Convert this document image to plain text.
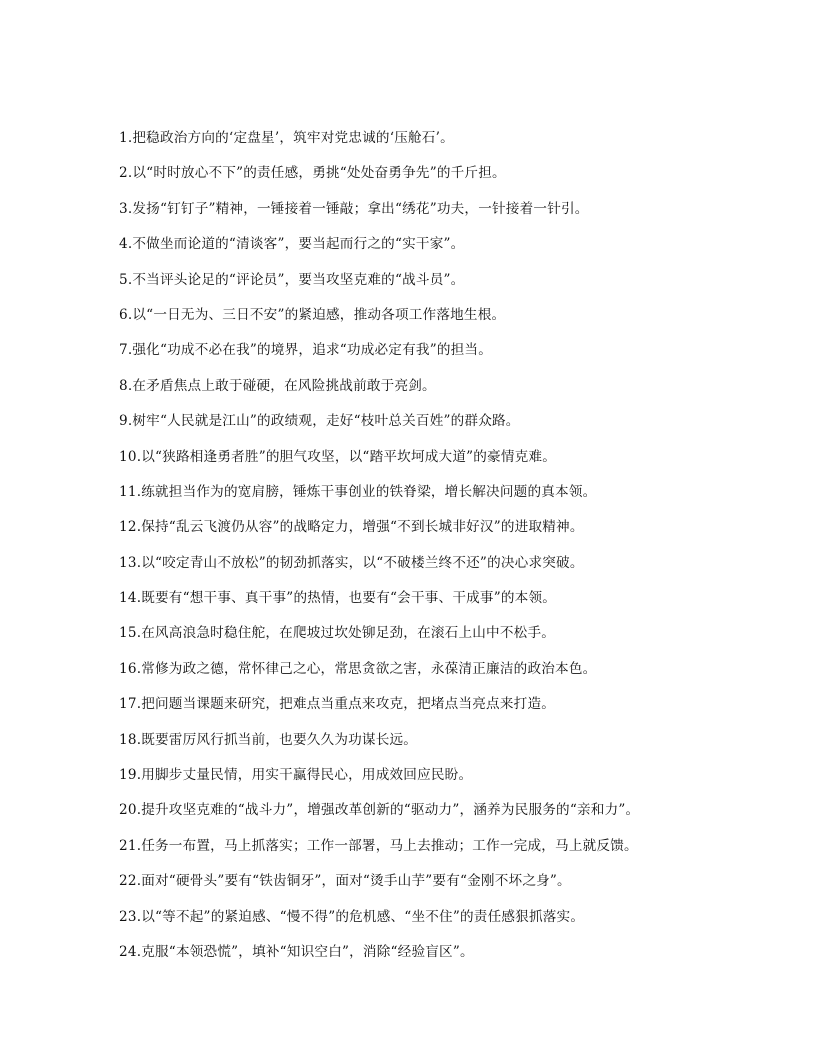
1.把稳政治方向的‘定盘星’，筑牢对党忠诚的‘压舱石’。
2.以“时时放心不下”的责任感，勇挑“处处奋勇争先”的千斤担。
3.发扬“钉钉子”精神，一锤接着一锤敲；拿出“绣花”功夫，一针接着一针引。
4.不做坐而论道的“清谈客”，要当起而行之的“实干家”。
5.不当评头论足的“评论员”，要当攻坚克难的“战斗员”。
6.以“一日无为、三日不安”的紧迫感，推动各项工作落地生根。
7.强化“功成不必在我”的境界，追求“功成必定有我”的担当。
8.在矛盾焦点上敢于碰硬，在风险挑战前敢于亮剑。
9.树牢“人民就是江山”的政绩观，走好“枝叶总关百姓”的群众路。
10.以“狭路相逢勇者胜”的胆气攻坚，以“踏平坎坷成大道”的豪情克难。
11.练就担当作为的宽肩膀，锤炼干事创业的铁脊梁，增长解决问题的真本领。
12.保持“乱云飞渡仍从容”的战略定力，增强“不到长城非好汉”的进取精神。
13.以“咬定青山不放松”的韧劲抓落实，以“不破楼兰终不还”的决心求突破。
14.既要有“想干事、真干事”的热情，也要有“会干事、干成事”的本领。
15.在风高浪急时稳住舵，在爬坡过坎处铆足劲，在滚石上山中不松手。
16.常修为政之德，常怀律己之心，常思贪欲之害，永葆清正廉洁的政治本色。
17.把问题当课题来研究，把难点当重点来攻克，把堵点当亮点来打造。
18.既要雷厉风行抓当前，也要久久为功谋长远。
19.用脚步丈量民情，用实干赢得民心，用成效回应民盼。
20.提升攻坚克难的“战斗力”，增强改革创新的“驱动力”，涵养为民服务的“亲和力”。
21.任务一布置，马上抓落实；工作一部署，马上去推动；工作一完成，马上就反馈。
22.面对“硬骨头”要有“铁齿铜牙”，面对“烫手山芋”要有“金刚不坏之身”。
23.以“等不起”的紧迫感、“慢不得”的危机感、“坐不住”的责任感狠抓落实。
24.克服“本领恐慌”，填补“知识空白”，消除“经验盲区”。
